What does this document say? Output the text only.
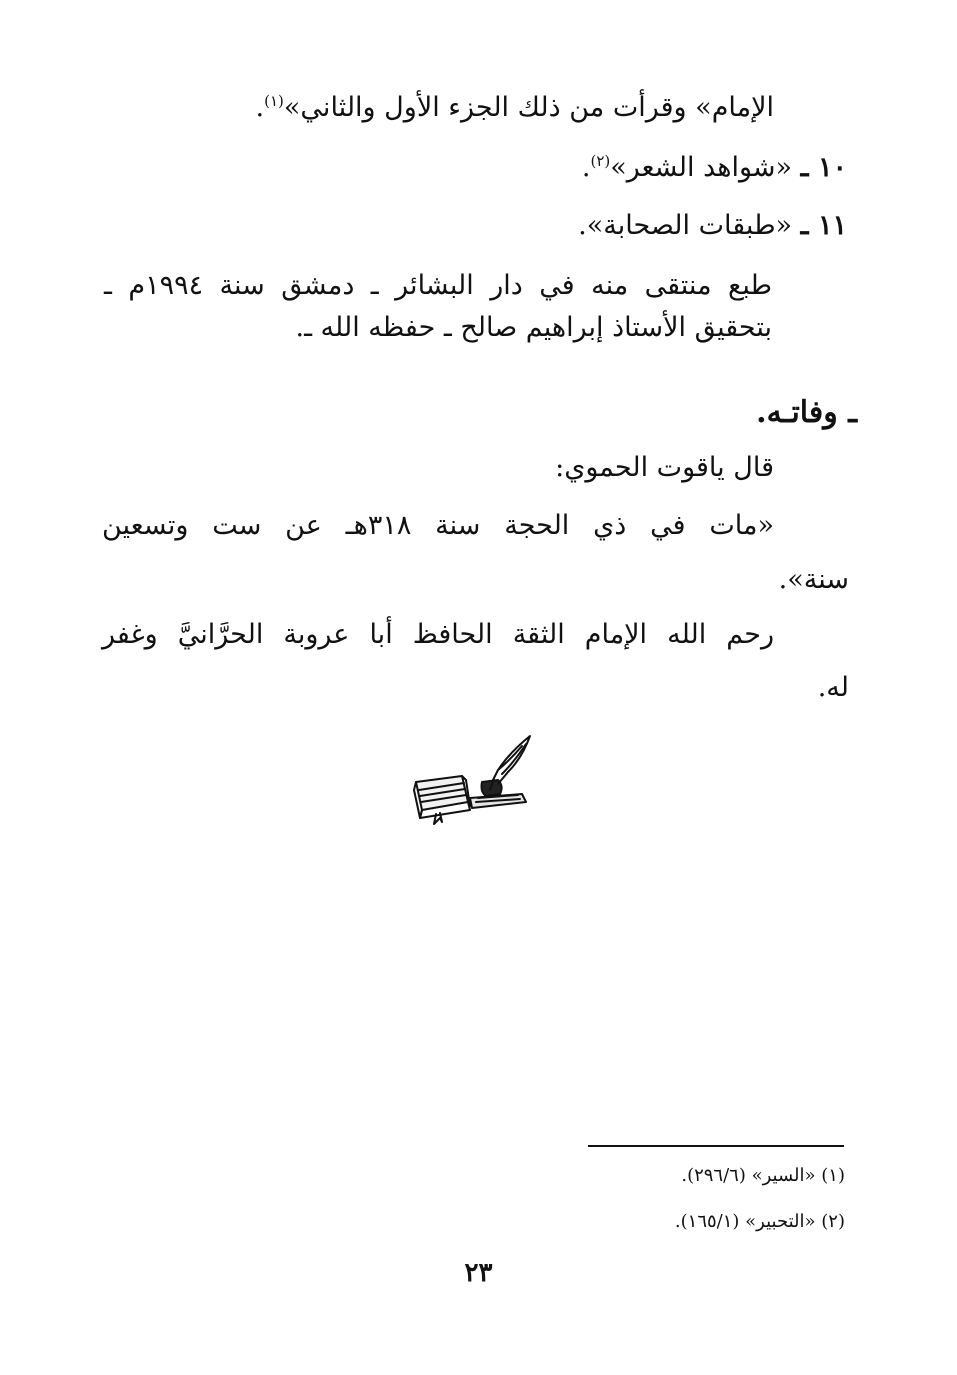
الإمام» وقرأت من ذلك الجزء الأول والثاني»$^{(١)}$.
١٠ ـ «شواهد الشعر»$^{(٢)}$.
١١ ـ «طبقات الصحابة».
طبع منتقى منه في دار البشائر ـ دمشق سنة ١٩٩٤م ـ
بتحقيق الأستاذ إبراهيم صالح ـ حفظه الله ـ.
ـ وفاتـه.
قال ياقوت الحموي:
«مات في ذي الحجة سنة ٣١٨هـ عن ست وتسعين
سنة».
رحم الله الإمام الثقة الحافظ أبا عروبة الحرَّانيَّ وغفر
له.
(١) «السير» (٢٩٦/٦).
(٢) «التحبير» (١٦٥/١).
٢٣
